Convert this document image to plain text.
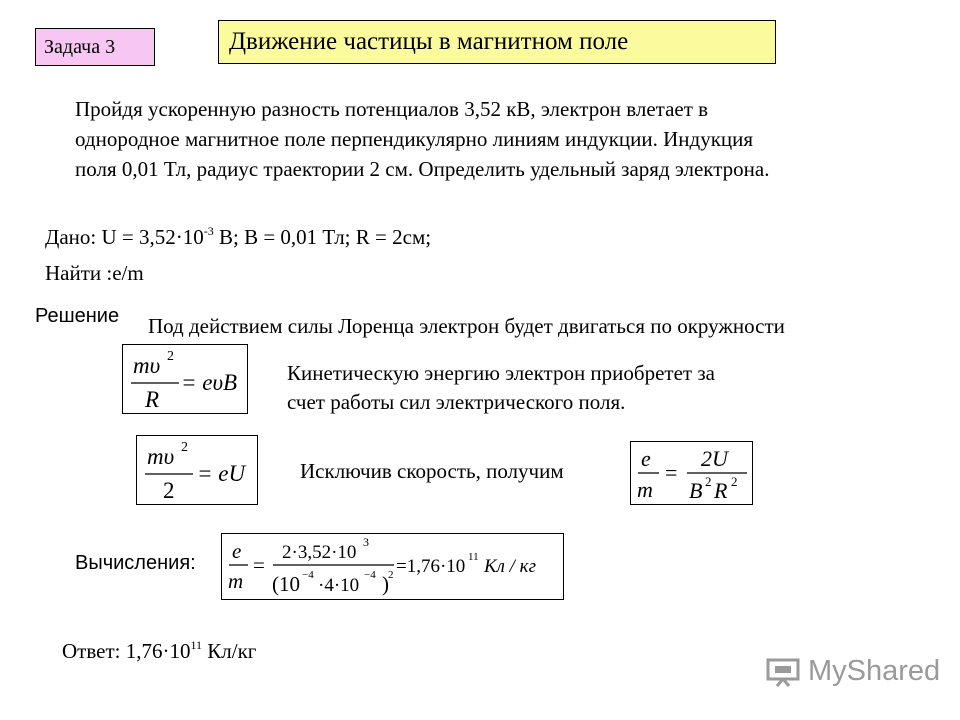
Задача 3	Движение частицы в магнитном поле
Пройдя ускоренную разность потенциалов 3,52 кВ, электрон влетает в
однородное магнитное поле перпендикулярно линиям индукции. Индукция
поля 0,01 Тл, радиус траектории 2 см. Определить удельный заряд электрона.
Дано: $U = 3,52\cdot 10^{-3}$ В; В = 0,01 Тл; R = 2см;
Найти :e/m
Решение Под действием силы Лоренца электрон будет двигаться по окружности
mυ 2
R
= eυB Кинетическую энергию электрон приобретет за
счет работы сил электрического поля.
mυ 2
2
= eU	Исключив скорость, получим	e
m
=
2U
B 2 R 2
Вычисления: e
m
=
2·3,52·10 3
(10 −4 ·4·10 −4 ) 2 =1,76·10 11 Кл / кг
Ответ: $1,76\cdot 10^{11}$ Кл/кг
MyShared
